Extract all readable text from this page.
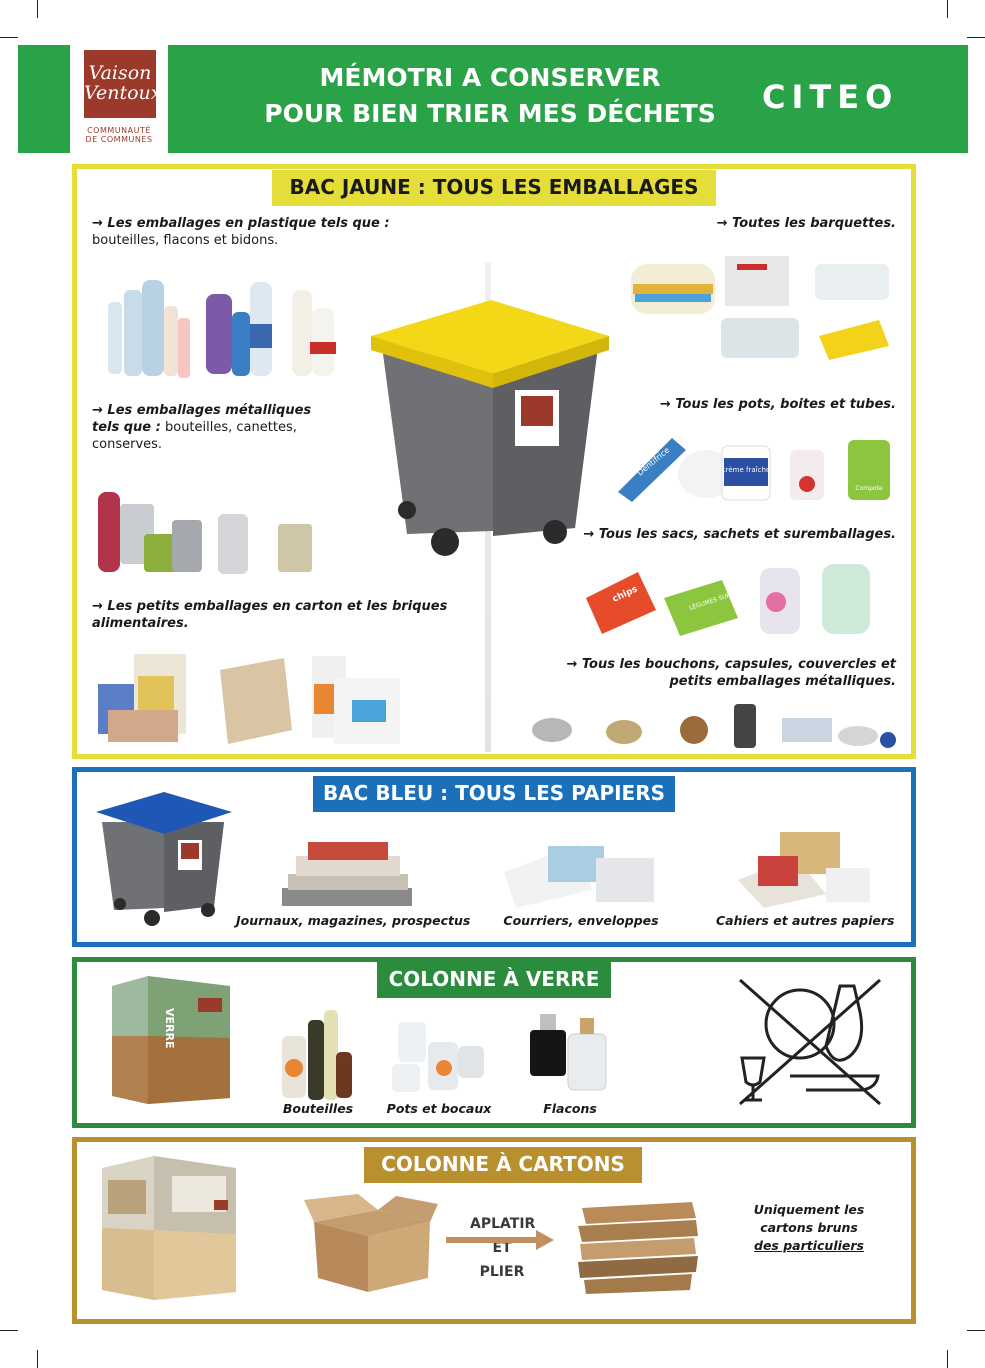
Vaison
Ventoux
COMMUNAUTÉ
DE COMMUNES
MÉMOTRI A CONSERVER
POUR BIEN TRIER MES DÉCHETS	CITEO
BAC JAUNE : TOUS LES EMBALLAGES
→ Les emballages en plastique tels que :
bouteilles, flacons et bidons.
→ Les emballages métalliques
tels que : bouteilles, canettes,
conserves.
→ Les petits emballages en carton et les briques
alimentaires.
→ Toutes les barquettes.
→ Tous les pots, boites et tubes.
Dentifrice	crème fraîche
Compote
→ Tous les sacs, sachets et suremballages.
chips	LÉGUMES SURGELÉS
→ Tous les bouchons, capsules, couvercles et
petits emballages métalliques.
BAC BLEU : TOUS LES PAPIERS
Journaux, magazines, prospectus	Courriers, enveloppes	Cahiers et autres papiers
COLONNE À VERRE
VERRE
Bouteilles	Pots et bocaux	Flacons
COLONNE À CARTONS
APLATIR
ET PLIER
Uniquement les
cartons bruns
des particuliers
